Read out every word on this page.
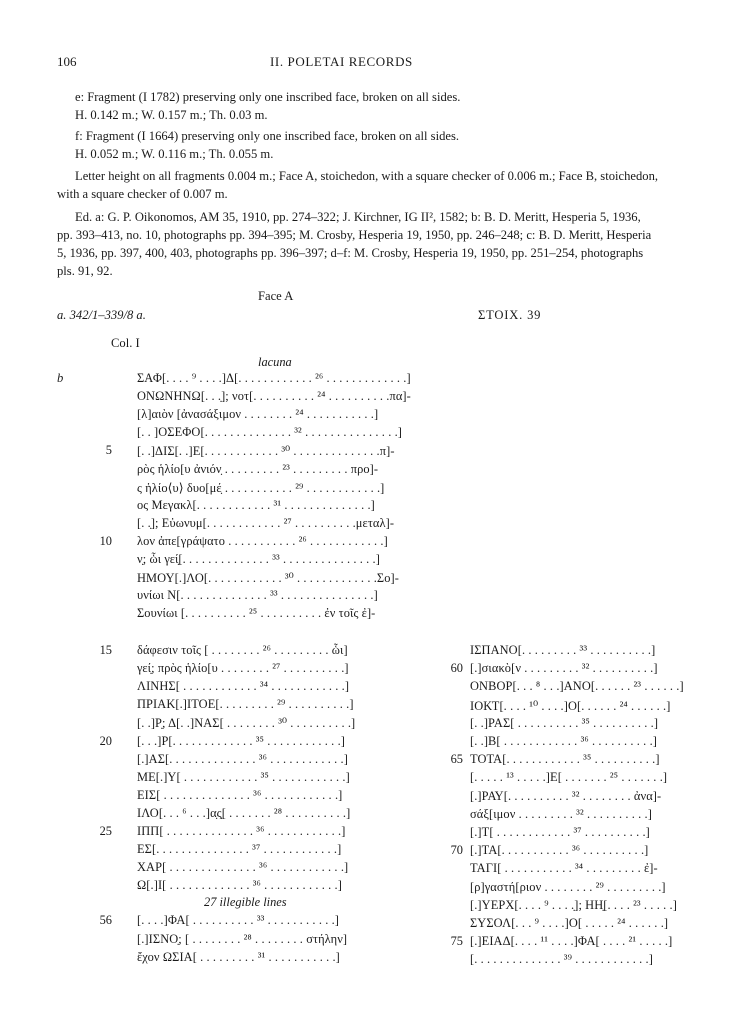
106	II. POLETAI RECORDS
e: Fragment (I 1782) preserving only one inscribed face, broken on all sides.
H. 0.142 m.; W. 0.157 m.; Th. 0.03 m.
f: Fragment (I 1664) preserving only one inscribed face, broken on all sides.
H. 0.052 m.; W. 0.116 m.; Th. 0.055 m.
Letter height on all fragments 0.004 m.; Face A, stoichedon, with a square checker of 0.006 m.; Face B, stoichedon,
with a square checker of 0.007 m.
Ed. a: G. P. Oikonomos, AM 35, 1910, pp. 274–322; J. Kirchner, IG II², 1582; b: B. D. Meritt, Hesperia 5, 1936,
pp. 393–413, no. 10, photographs pp. 394–395; M. Crosby, Hesperia 19, 1950, pp. 246–248; c: B. D. Meritt, Hesperia
5, 1936, pp. 397, 400, 403, photographs pp. 396–397; d–f: M. Crosby, Hesperia 19, 1950, pp. 251–254, photographs
pls. 91, 92.
Face A
a. 342/1–339/8 a.	ΣΤΟΙΧ. 39
Col. I
lacuna
b	ΣΑΦ[. . . . ⁹ . . . .]Δ[. . . . . . . . . . . . ²⁶ . . . . . . . . . . . . .]
ΟΝΩΝΗΝΩ[. . .̣]; νοτ[. . . . . . . . . . ²⁴ . . . . . . . . . .πα]-
[λ]αιὸν [ἀνασάξιμον . . . . . . . . ²⁴ . . . . . . . . . . .]
[. . ]ΟΣΕΦΟ[. . . . . . . . . . . . . . ³² . . . . . . . . . . . . . . .]
5 [. .]ΔΙΣ[. .]Ε[. . . . . . . . . . . . ³⁰ . . . . . . . . . . . . . .π]-
ρὸς ἡλίο[υ ἀνιόν̣ . . . . . . . . . ²³ . . . . . . . . . προ]-
ς ἡλίο⟨υ⟩ δυο[μέ̣ . . . . . . . . . . . ²⁹ . . . . . . . . . . . .]
ος Μεγακλ[. . . . . . . . . . . . ³¹ . . . . . . . . . . . . . .]
[. .̣]; Εὐωνυμ[. . . . . . . . . . . . ²⁷ . . . . . . . . . .μεταλ]-
10 λον ἀπε[γράψατο . . . . . . . . . . . ²⁶ . . . . . . . . . . . .]
ν̣; ὧι γεί̣[. . . . . . . . . . . . . . ³³ . . . . . . . . . . . . . . .]
ΗΜΟΥ[.]ΛΟ[. . . . . . . . . . . . ³⁰ . . . . . . . . . . . . .Σο]-
υνίωι Ν[. . . . . . . . . . . . . . ³³ . . . . . . . . . . . . . . .]
Σουνίωι [. . . . . . . . . . ²⁵ . . . . . . . . . . ἐν τοῖς ἐ]-
15 δάφεσιν τοῖς [ . . . . . . . . ²⁶ . . . . . . . . . ὧι]
γεί̣; πρὸς ἡλίο[υ . . . . . . . . ²⁷ . . . . . . . . . .]
ΛΙΝΗΣ[ . . . . . . . . . . . . ³⁴ . . . . . . . . . . . .]
ΠΡΙΑΚ[.]ΙΤΟΕ[. . . . . . . . . ²⁹ . . . . . . . . . .]
[. .]Ρ̣; Δ[. .]ΝΑΣ[ . . . . . . . . ³⁰ . . . . . . . . . .]
20 [. . .]Ρ[. . . . . . . . . . . . . ³⁵ . . . . . . . . . . . .]
[.]ΑΣ[. . . . . . . . . . . . . . ³⁶ . . . . . . . . . . . .]
ΜΕ[.]Υ[ . . . . . . . . . . . . ³⁵ . . . . . . . . . . . .]
ΕΙΣ[ . . . . . . . . . . . . . . ³⁶ . . . . . . . . . . . .]
ΙΛΟ[. . . ⁶ . . .]α̣ς̣[ . . . . . . . ²⁸ . . . . . . . . . .]
25 ΙΠΠ[ . . . . . . . . . . . . . . ³⁶ . . . . . . . . . . . .]
ΕΣ[. . . . . . . . . . . . . . . ³⁷ . . . . . . . . . . . .]
ΧΑΡ[ . . . . . . . . . . . . . . ³⁶ . . . . . . . . . . . .]
Ω[.]Ι[ . . . . . . . . . . . . . ³⁶ . . . . . . . . . . . .]
27 illegible lines
56 [. . . .]ΦΑ[ . . . . . . . . . . ³³ . . . . . . . . . . .]
[.]ΙΣΝΟ̣; [ . . . . . . . . ²⁸ . . . . . . . . στήλην]
ἔχον ΩΣΙΑ[ . . . . . . . . . ³¹ . . . . . . . . . . .]
ΙΣΠΑΝΟ[. . . . . . . . . ³³ . . . . . . . . . .]
60 [.]σιακὸ[ν . . . . . . . . . ³² . . . . . . . . . .]
ΟΝΒΟΡ[. . . ⁸ . . .]ΑΝΟ[. . . . . . ²³ . . . . . .]
ΙΟΚΤ[. . . . ¹⁰ . . . .]Ο[. . . . . . ²⁴ . . . . . .]
[. .]ΡΑΣ[ . . . . . . . . . . ³⁵ . . . . . . . . . .]
[. .]Β[ . . . . . . . . . . . . ³⁶ . . . . . . . . . .]
65 ΤΟΤΑ[. . . . . . . . . . . . ³⁵ . . . . . . . . . .]
[. . . . . ¹³ . . . . .]Ε[ . . . . . . . ²⁵ . . . . . . .]
[.]ΡΑΥ[. . . . . . . . . . ³² . . . . . . . . ἀνα]-
σάξ[ιμον . . . . . . . . . ³² . . . . . . . . . .]
[.]Τ[ . . . . . . . . . . . . ³⁷ . . . . . . . . . .]
70 [.]ΤΑ[. . . . . . . . . . . ³⁶ . . . . . . . . . .]
ΤΑΓΙ[ . . . . . . . . . . . ³⁴ . . . . . . . . . ἐ]-
[ρ]γαστή[ριον . . . . . . . . ²⁹ . . . . . . . . .]
[.]ΥΕΡΧ[. . . . ⁹ . . . .̣]; ΗΗ̣[. . . . ²³ . . . . .]
ΣΥΣΟΛ[. . . ⁹ . . . .]Ο[ . . . . . ²⁴ . . . . . .]
75 [.]ΕΙΑΔ[. . . . ¹¹ . . . .]ΦΑ[ . . . . ²¹ . . . . .]
[. . . . . . . . . . . . . . ³⁹ . . . . . . . . . . . .]
